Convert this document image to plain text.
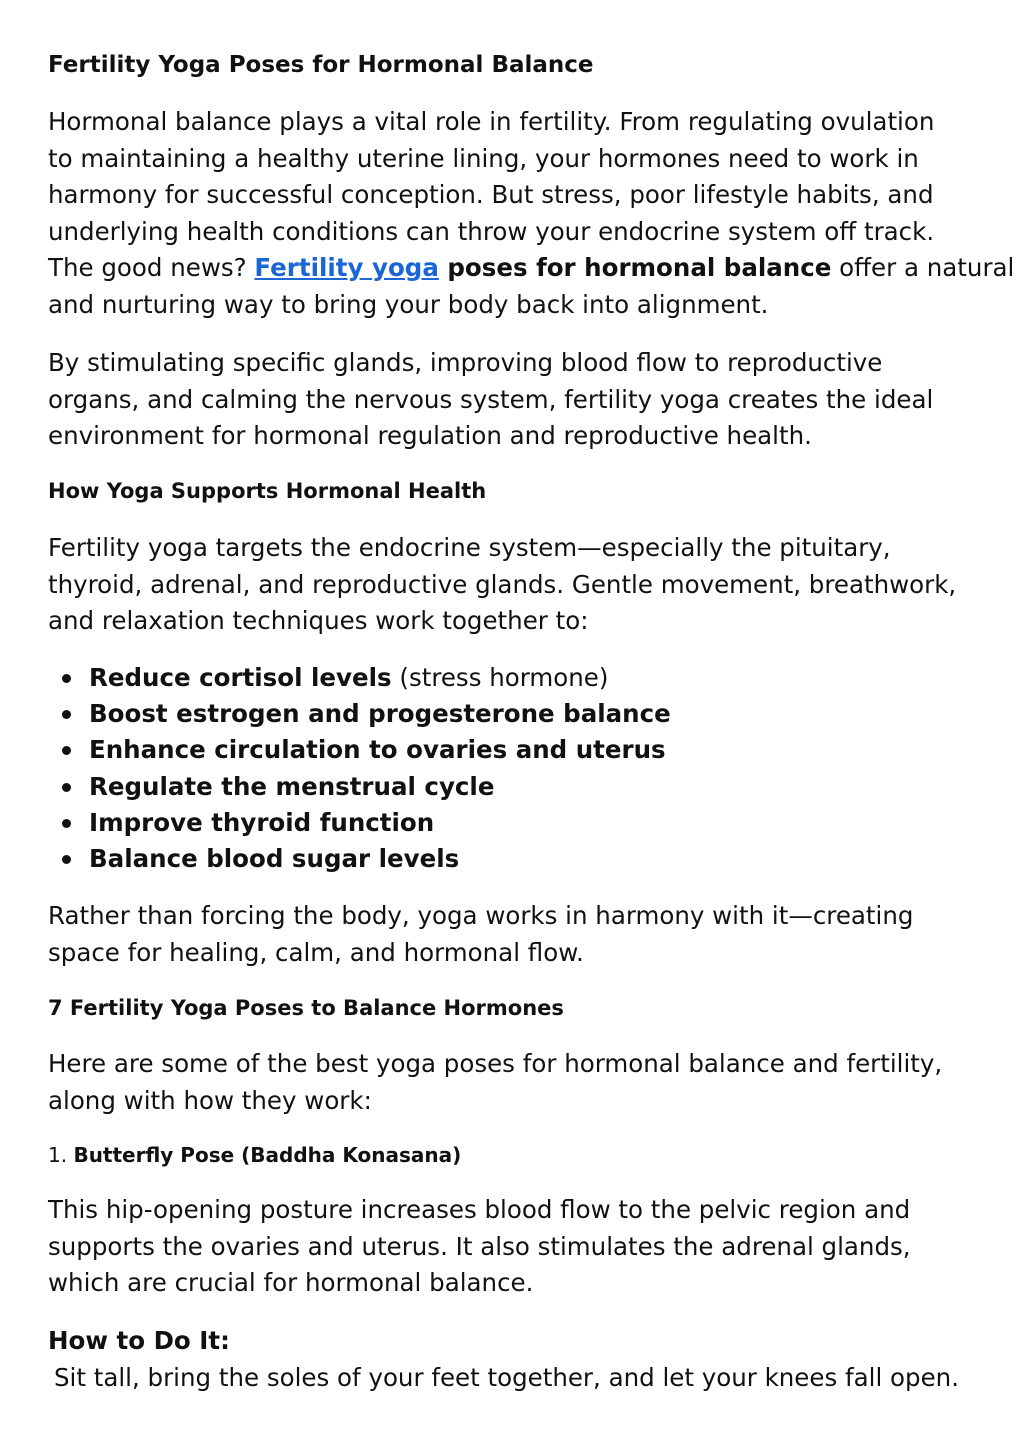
Fertility Yoga Poses for Hormonal Balance

Hormonal balance plays a vital role in fertility. From regulating ovulation
to maintaining a healthy uterine lining, your hormones need to work in
harmony for successful conception. But stress, poor lifestyle habits, and
underlying health conditions can throw your endocrine system off track.
The good news? Fertility yoga poses for hormonal balance offer a natural
and nurturing way to bring your body back into alignment.

By stimulating specific glands, improving blood flow to reproductive
organs, and calming the nervous system, fertility yoga creates the ideal
environment for hormonal regulation and reproductive health.

How Yoga Supports Hormonal Health

Fertility yoga targets the endocrine system—especially the pituitary,
thyroid, adrenal, and reproductive glands. Gentle movement, breathwork,
and relaxation techniques work together to:

Reduce cortisol levels (stress hormone)
Boost estrogen and progesterone balance
Enhance circulation to ovaries and uterus
Regulate the menstrual cycle
Improve thyroid function
Balance blood sugar levels

Rather than forcing the body, yoga works in harmony with it—creating
space for healing, calm, and hormonal flow.

7 Fertility Yoga Poses to Balance Hormones

Here are some of the best yoga poses for hormonal balance and fertility,
along with how they work:

1. Butterfly Pose (Baddha Konasana)

This hip-opening posture increases blood flow to the pelvic region and
supports the ovaries and uterus. It also stimulates the adrenal glands,
which are crucial for hormonal balance.

How to Do It:

Sit tall, bring the soles of your feet together, and let your knees fall open.
